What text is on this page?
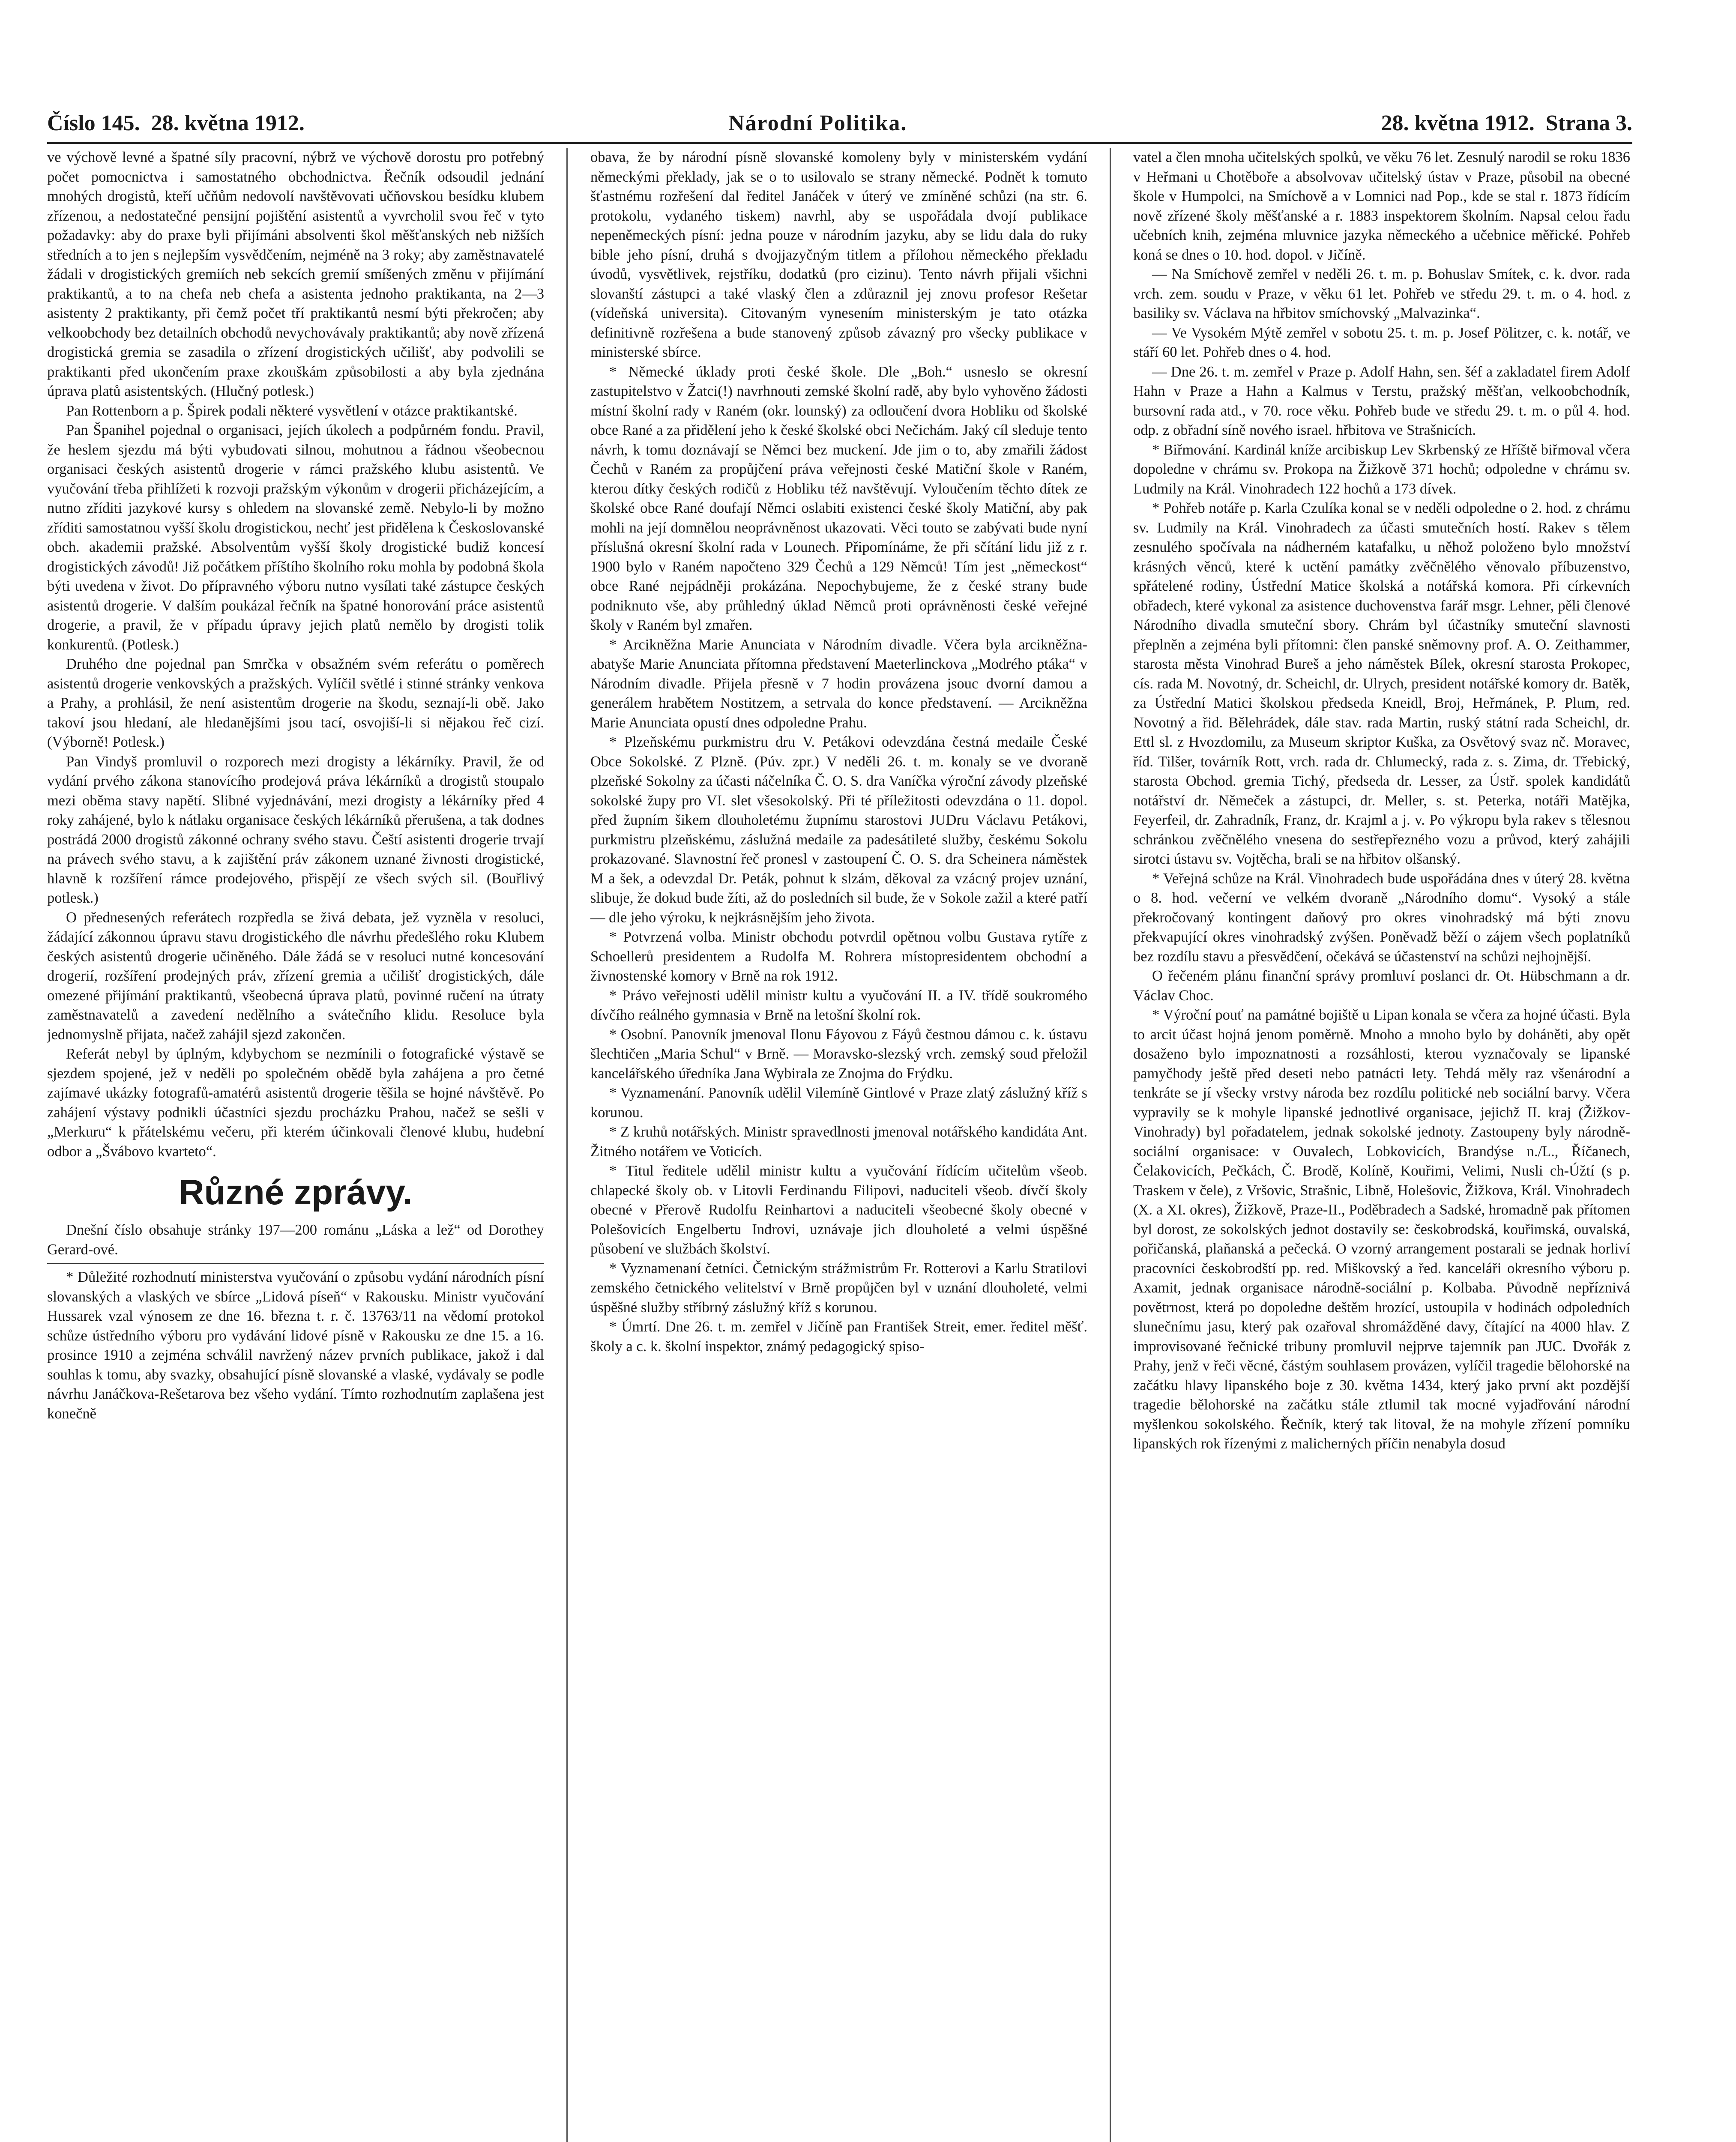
Číslo 145.  28. května 1912.	Národní Politika.	28. května 1912.  Strana 3.

ve výchově levné a špatné síly pracovní, nýbrž ve výchově dorostu pro potřebný počet pomocnictva i samostatného obchodnictva. Řečník odsoudil jednání mnohých drogistů, kteří učňům nedovolí navštěvovati učňovskou besídku klubem zřízenou, a nedostatečné pensijní pojištění asistentů a vyvrcholil svou řeč v tyto požadavky: aby do praxe byli přijímáni absolventi škol měšťanských neb nižších středních a to jen s nejlepším vysvědčením, nejméně na 3 roky; aby zaměstnavatelé žádali v drogistických gremiích neb sekcích gremií smíšených změnu v přijímání praktikantů, a to na chefa neb chefa a asistenta jednoho praktikanta, na 2—3 asistenty 2 praktikanty, při čemž počet tří praktikantů nesmí býti překročen; aby velkoobchody bez detailních obchodů nevychovávaly praktikantů; aby nově zřízená drogistická gremia se zasadila o zřízení drogistických učilišť, aby podvolili se praktikanti před ukončením praxe zkouškám způsobilosti a aby byla zjednána úprava platů asistentských. (Hlučný potlesk.)

Pan Rottenborn a p. Špirek podali některé vysvětlení v otázce praktikantské.

Pan Španihel pojednal o organisaci, jejích úkolech a podpůrném fondu. Pravil, že heslem sjezdu má býti vybudovati silnou, mohutnou a řádnou všeobecnou organisaci českých asistentů drogerie v rámci pražského klubu asistentů. Ve vyučování třeba přihlížeti k rozvoji pražským výkonům v drogerii přicházejícím, a nutno zříditi jazykové kursy s ohledem na slovanské země. Nebylo-li by možno zříditi samostatnou vyšší školu drogistickou, nechť jest přidělena k Českoslovanské obch. akademii pražské. Absolventům vyšší školy drogistické budiž koncesí drogistických závodů! Již počátkem příštího školního roku mohla by podobná škola býti uvedena v život. Do přípravného výboru nutno vysílati také zástupce českých asistentů drogerie. V dalším poukázal řečník na špatné honorování práce asistentů drogerie, a pravil, že v případu úpravy jejich platů nemělo by drogisti tolik konkurentů. (Potlesk.)

Druhého dne pojednal pan Smrčka v obsažném svém referátu o poměrech asistentů drogerie venkovských a pražských. Vylíčil světlé i stinné stránky venkova a Prahy, a prohlásil, že není asistentům drogerie na škodu, seznají-li obě. Jako takoví jsou hledaní, ale hledanějšími jsou tací, osvojiší-li si nějakou řeč cizí. (Výborně! Potlesk.)

Pan Vindyš promluvil o rozporech mezi drogisty a lékárníky. Pravil, že od vydání prvého zákona stanovícího prodejová práva lékárníků a drogistů stoupalo mezi oběma stavy napětí. Slibné vyjednávání, mezi drogisty a lékárníky před 4 roky zahájené, bylo k nátlaku organisace českých lékárníků přerušena, a tak dodnes postrádá 2000 drogistů zákonné ochrany svého stavu. Čeští asistenti drogerie trvají na právech svého stavu, a k zajištění práv zákonem uznané živnosti drogistické, hlavně k rozšíření rámce prodejového, přispějí ze všech svých sil. (Bouřlivý potlesk.)

O přednesených referátech rozpředla se živá debata, jež vyzněla v resoluci, žádající zákonnou úpravu stavu drogistického dle návrhu předešlého roku Klubem českých asistentů drogerie učiněného. Dále žádá se v resoluci nutné koncesování drogerií, rozšíření prodejných práv, zřízení gremia a učilišť drogistických, dále omezené přijímání praktikantů, všeobecná úprava platů, povinné ručení na útraty zaměstnavatelů a zavedení nedělního a svátečního klidu. Resoluce byla jednomyslně přijata, načež zahájil sjezd zakončen.

Referát nebyl by úplným, kdybychom se nezmínili o fotografické výstavě se sjezdem spojené, jež v neděli po společném obědě byla zahájena a pro četné zajímavé ukázky fotografů-amatérů asistentů drogerie těšila se hojné návštěvě. Po zahájení výstavy podnikli účastníci sjezdu procházku Prahou, načež se sešli v „Merkuru“ k přátelskému večeru, při kterém účinkovali členové klubu, hudební odbor a „Švábovo kvarteto“.

Různé zprávy.

Dnešní číslo obsahuje stránky 197—200 románu „Láska a lež“ od Dorothey Gerard-ové.

* Důležité rozhodnutí ministerstva vyučování o způsobu vydání národních písní slovanských a vlaských ve sbírce „Lidová píseň“ v Rakousku. Ministr vyučování Hussarek vzal výnosem ze dne 16. března t. r. č. 13763/11 na vědomí protokol schůze ústředního výboru pro vydávání lidové písně v Rakousku ze dne 15. a 16. prosince 1910 a zejména schválil navržený název prvních publikace, jakož i dal souhlas k tomu, aby svazky, obsahující písně slovanské a vlaské, vydávaly se podle návrhu Janáčkova-Rešetarova bez všeho vydání. Tímto rozhodnutím zaplašena jest konečně

obava, že by národní písně slovanské komoleny byly v ministerském vydání německými překlady, jak se o to usilovalo se strany německé. Podnět k tomuto šťastnému rozřešení dal ředitel Janáček v úterý ve zmíněné schůzi (na str. 6. protokolu, vydaného tiskem) navrhl, aby se uspořádala dvojí publikace nepeněmeckých písní: jedna pouze v národním jazyku, aby se lidu dala do ruky bible jeho písní, druhá s dvojjazyčným titlem a přílohou německého překladu úvodů, vysvětlivek, rejstříku, dodatků (pro cizinu). Tento návrh přijali všichni slovanští zástupci a také vlaský člen a zdůraznil jej znovu profesor Rešetar (vídeňská universita). Citovaným vynesením ministerským je tato otázka definitivně rozřešena a bude stanovený způsob závazný pro všecky publikace v ministerské sbírce.

* Německé úklady proti české škole. Dle „Boh.“ usneslo se okresní zastupitelstvo v Žatci(!) navrhnouti zemské školní radě, aby bylo vyhověno žádosti místní školní rady v Raném (okr. lounský) za odloučení dvora Hobliku od školské obce Rané a za přidělení jeho k české školské obci Nečichám. Jaký cíl sleduje tento návrh, k tomu doznávají se Němci bez muckení. Jde jim o to, aby zmařili žádost Čechů v Raném za propůjčení práva veřejnosti české Matiční škole v Raném, kterou dítky českých rodičů z Hobliku též navštěvují. Vyloučením těchto dítek ze školské obce Rané doufají Němci oslabiti existenci české školy Matiční, aby pak mohli na její domnělou neoprávněnost ukazovati. Věci touto se zabývati bude nyní příslušná okresní školní rada v Lounech. Připomínáme, že při sčítání lidu již z r. 1900 bylo v Raném napočteno 329 Čechů a 129 Němců! Tím jest „německost“ obce Rané nejpádněji prokázána. Nepochybujeme, že z české strany bude podniknuto vše, aby průhledný úklad Němců proti oprávněnosti české veřejné školy v Raném byl zmařen.

* Arcikněžna Marie Anunciata v Národním divadle. Včera byla arcikněžna-abatyše Marie Anunciata přítomna představení Maeterlinckova „Modrého ptáka“ v Národním divadle. Přijela přesně v 7 hodin provázena jsouc dvorní damou a generálem hrabětem Nostitzem, a setrvala do konce představení. — Arcikněžna Marie Anunciata opustí dnes odpoledne Prahu.

* Plzeňskému purkmistru dru V. Petákovi odevzdána čestná medaile České Obce Sokolské. Z Plzně. (Púv. zpr.) V neděli 26. t. m. konaly se ve dvoraně plzeňské Sokolny za účasti náčelníka Č. O. S. dra Vaníčka výroční závody plzeňské sokolské župy pro VI. slet všesokolský. Při té příležitosti odevzdána o 11. dopol. před župním šikem dlouholetému župnímu starostovi JUDru Václavu Petákovi, purkmistru plzeňskému, záslužná medaile za padesátileté služby, českému Sokolu prokazované. Slavnostní řeč pronesl v zastoupení Č. O. S. dra Scheinera náměstek M a šek, a odevzdal Dr. Peták, pohnut k slzám, děkoval za vzácný projev uznání, slibuje, že dokud bude žíti, až do posledních sil bude, že v Sokole zažil a které patří — dle jeho výroku, k nejkrásnějším jeho života.

* Potvrzená volba. Ministr obchodu potvrdil opětnou volbu Gustava rytíře z Schoellerů presidentem a Rudolfa M. Rohrera místopresidentem obchodní a živnostenské komory v Brně na rok 1912.

* Právo veřejnosti udělil ministr kultu a vyučování II. a IV. třídě soukromého dívčího reálného gymnasia v Brně na letošní školní rok.

* Osobní. Panovník jmenoval Ilonu Fáyovou z Fáyů čestnou dámou c. k. ústavu šlechtičen „Maria Schul“ v Brně. — Moravsko-slezský vrch. zemský soud přeložil kancelářského úředníka Jana Wybirala ze Znojma do Frýdku.

* Vyznamenání. Panovník udělil Vilemíně Gintlové v Praze zlatý záslužný kříž s korunou.

* Z kruhů notářských. Ministr spravedlnosti jmenoval notářského kandidáta Ant. Žitného notářem ve Voticích.

* Titul ředitele udělil ministr kultu a vyučování řídícím učitelům všeob. chlapecké školy ob. v Litovli Ferdinandu Filipovi, naduciteli všeob. dívčí školy obecné v Přerově Rudolfu Reinhartovi a naduciteli všeobecné školy obecné v Polešovicích Engelbertu Indrovi, uznávaje jich dlouholeté a velmi úspěšné působení ve službách školství.

* Vyznamenaní četníci. Četnickým strážmistrům Fr. Rotterovi a Karlu Stratilovi zemského četnického velitelství v Brně propůjčen byl v uznání dlouholeté, velmi úspěšné služby stříbrný záslužný kříž s korunou.

* Úmrtí. Dne 26. t. m. zemřel v Jičíně pan František Streit, emer. ředitel měšť. školy a c. k. školní inspektor, známý pedagogický spiso-

vatel a člen mnoha učitelských spolků, ve věku 76 let. Zesnulý narodil se roku 1836 v Heřmani u Chotěboře a absolvovav učitelský ústav v Praze, působil na obecné škole v Humpolci, na Smíchově a v Lomnici nad Pop., kde se stal r. 1873 řídícím nově zřízené školy měšťanské a r. 1883 inspektorem školním. Napsal celou řadu učebních knih, zejména mluvnice jazyka německého a učebnice měřické. Pohřeb koná se dnes o 10. hod. dopol. v Jičíně.

— Na Smíchově zemřel v neděli 26. t. m. p. Bohuslav Smítek, c. k. dvor. rada vrch. zem. soudu v Praze, v věku 61 let. Pohřeb ve středu 29. t. m. o 4. hod. z basiliky sv. Václava na hřbitov smíchovský „Malvazinka“.

— Ve Vysokém Mýtě zemřel v sobotu 25. t. m. p. Josef Pölitzer, c. k. notář, ve stáří 60 let. Pohřeb dnes o 4. hod.

— Dne 26. t. m. zemřel v Praze p. Adolf Hahn, sen. šéf a zakladatel firem Adolf Hahn v Praze a Hahn a Kalmus v Terstu, pražský měšťan, velkoobchodník, bursovní rada atd., v 70. roce věku. Pohřeb bude ve středu 29. t. m. o půl 4. hod. odp. z obřadní síně nového israel. hřbitova ve Strašnicích.

* Biřmování. Kardinál kníže arcibiskup Lev Skrbenský ze Hříště biřmoval včera dopoledne v chrámu sv. Prokopa na Žižkově 371 hochů; odpoledne v chrámu sv. Ludmily na Král. Vinohradech 122 hochů a 173 dívek.

* Pohřeb notáře p. Karla Czulíka konal se v neděli odpoledne o 2. hod. z chrámu sv. Ludmily na Král. Vinohradech za účasti smutečních hostí. Rakev s tělem zesnulého spočívala na nádherném katafalku, u něhož položeno bylo množství krásných věnců, které k uctění památky zvěčnělého věnovalo příbuzenstvo, spřátelené rodiny, Ústřední Matice školská a notářská komora. Při církevních obřadech, které vykonal za asistence duchovenstva farář msgr. Lehner, pěli členové Národního divadla smuteční sbory. Chrám byl účastníky smuteční slavnosti přeplněn a zejména byli přítomni: člen panské sněmovny prof. A. O. Zeithammer, starosta města Vinohrad Bureš a jeho náměstek Bílek, okresní starosta Prokopec, cís. rada M. Novotný, dr. Scheichl, dr. Ulrych, president notářské komory dr. Batěk, za Ústřední Matici školskou předseda Kneidl, Broj, Heřmánek, P. Plum, red. Novotný a řid. Bělehrádek, dále stav. rada Martin, ruský státní rada Scheichl, dr. Ettl sl. z Hvozdomilu, za Museum skriptor Kuška, za Osvětový svaz nč. Moravec, říd. Tilšer, továrník Rott, vrch. rada dr. Chlumecký, rada z. s. Zima, dr. Třebický, starosta Obchod. gremia Tichý, předseda dr. Lesser, za Ústř. spolek kandidátů notářství dr. Němeček a zástupci, dr. Meller, s. st. Peterka, notáři Matějka, Feyerfeil, dr. Zahradník, Franz, dr. Krajml a j. v. Po výkropu byla rakev s tělesnou schránkou zvěčnělého vnesena do sestřepřezného vozu a průvod, který zahájili sirotci ústavu sv. Vojtěcha, brali se na hřbitov olšanský.

* Veřejná schůze na Král. Vinohradech bude uspořádána dnes v úterý 28. května o 8. hod. večerní ve velkém dvoraně „Národního domu“. Vysoký a stále překročovaný kontingent daňový pro okres vinohradský má býti znovu překvapující okres vinohradský zvýšen. Poněvadž běží o zájem všech poplatníků bez rozdílu stavu a přesvědčení, očekává se účastenství na schůzi nejhojnější.

O řečeném plánu finanční správy promluví poslanci dr. Ot. Hübschmann a dr. Václav Choc.

* Výroční pouť na památné bojiště u Lipan konala se včera za hojné účasti. Byla to arcit účast hojná jenom poměrně. Mnoho a mnoho bylo by doháněti, aby opět dosaženo bylo impoznatnosti a rozsáhlosti, kterou vyznačovaly se lipanské pamyčhody ještě před deseti nebo patnácti lety. Tehdá měly raz všenárodní a tenkráte se jí všecky vrstvy národa bez rozdílu politické neb sociální barvy. Včera vypravily se k mohyle lipanské jednotlivé organisace, jejichž II. kraj (Žižkov-Vinohrady) byl pořadatelem, jednak sokolské jednoty. Zastoupeny byly národně-sociální organisace: v Ouvalech, Lobkovicích, Brandýse n./L., Říčanech, Čelakovicích, Pečkách, Č. Brodě, Kolíně, Kouřimi, Velimi, Nusli ch-Úžtí (s p. Traskem v čele), z Vršovic, Strašnic, Libně, Holešovic, Žižkova, Král. Vinohradech (X. a XI. okres), Žižkově, Praze-II., Poděbradech a Sadské, hromadně pak přítomen byl dorost, ze sokolských jednot dostavily se: českobrodská, kouřimská, ouvalská, pořičanská, plaňanská a pečecká. O vzorný arrangement postarali se jednak horliví pracovníci českobrodští pp. red. Miškovský a řed. kanceláři okresního výboru p. Axamit, jednak organisace národně-sociální p. Kolbaba. Původně nepříznivá povětrnost, která po dopoledne deštěm hrozící, ustoupila v hodinách odpoledních slunečnímu jasu, který pak ozařoval shromážděné davy, čítající na 4000 hlav. Z improvisované řečnické tribuny promluvil nejprve tajemník pan JUC. Dvořák z Prahy, jenž v řeči věcné, částým souhlasem provázen, vylíčil tragedie bělohorské na začátku hlavy lipanského boje z 30. května 1434, který jako první akt pozdější tragedie bělohorské na začátku stále ztlumil tak mocné vyjadřování národní myšlenkou sokolského. Řečník, který tak litoval, že na mohyle zřízení pomníku lipanských rok řízenými z malicherných příčin nenabyla dosud
